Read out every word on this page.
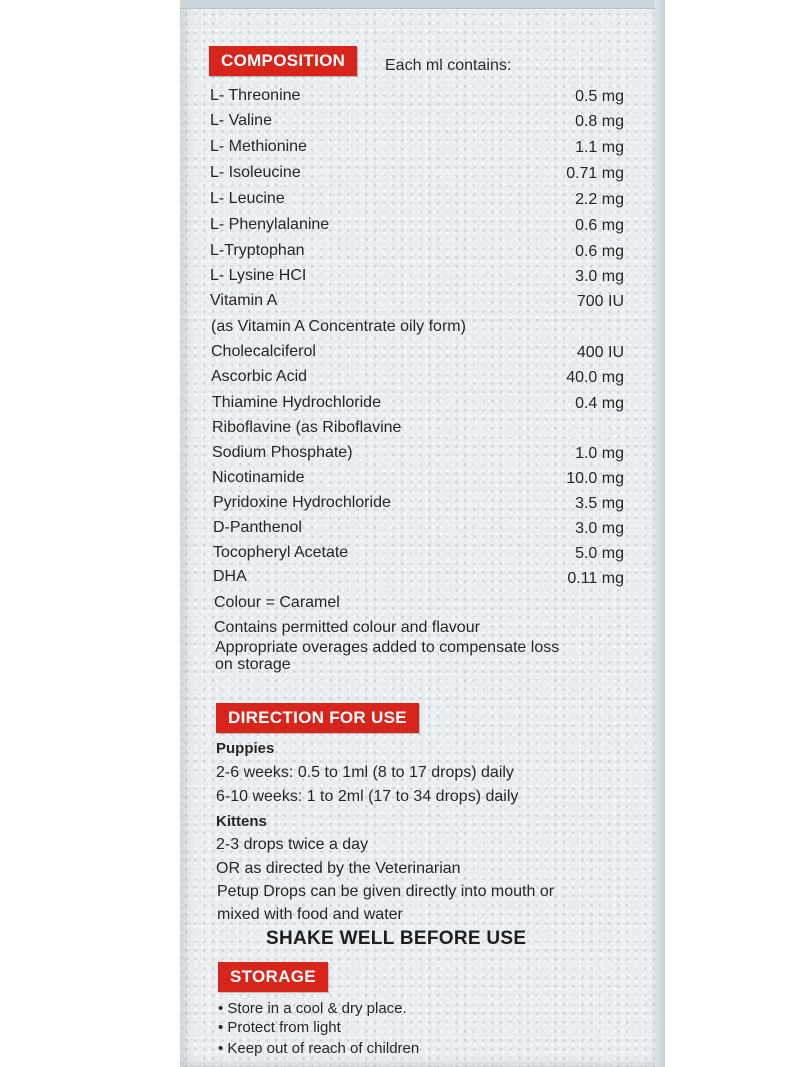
COMPOSITION	Each ml contains:
L- Threonine	0.5 mg
L- Valine	0.8 mg
L- Methionine	1.1 mg
L- Isoleucine	0.71 mg
L- Leucine	2.2 mg
L- Phenylalanine	0.6 mg
L-Tryptophan	0.6 mg
L- Lysine HCI	3.0 mg
Vitamin A	700 IU
(as Vitamin A Concentrate oily form)
Cholecalciferol	400 IU
Ascorbic Acid	40.0 mg
Thiamine Hydrochloride	0.4 mg
Riboflavine (as Riboflavine
Sodium Phosphate)	1.0 mg
Nicotinamide	10.0 mg
Pyridoxine Hydrochloride	3.5 mg
D-Panthenol	3.0 mg
Tocopheryl Acetate	5.0 mg
DHA	0.11 mg
Colour = Caramel
Contains permitted colour and flavour
Appropriate overages added to compensate loss
on storage
DIRECTION FOR USE
Puppies
2-6 weeks: 0.5 to 1ml (8 to 17 drops) daily
6-10 weeks: 1 to 2ml (17 to 34 drops) daily
Kittens
2-3 drops twice a day
OR as directed by the Veterinarian
Petup Drops can be given directly into mouth or
mixed with food and water
SHAKE WELL BEFORE USE
STORAGE
• Store in a cool & dry place.
• Protect from light
• Keep out of reach of children
